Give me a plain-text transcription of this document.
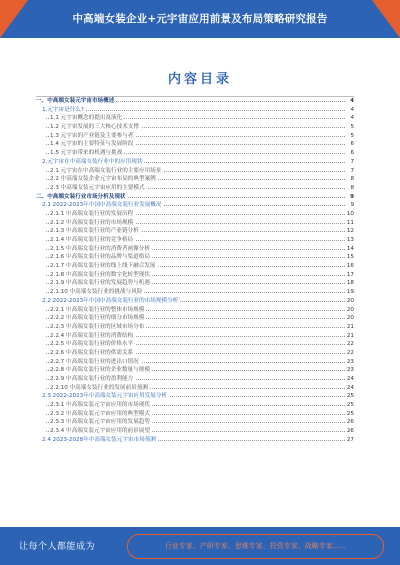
中高端女装企业+元宇宙应用前景及布局策略研究报告
内容目录
一、中高端女装元宇宙市场概述	4
1.元宇宙是什么?	4
1.1 元宇宙概念的提出及演化	4
1.2 元宇宙发展的三大核心技术支撑	5
1.3 元宇宙的产业链及主要参与者	5
1.4 元宇宙的主要特征与发展阶段	6
1.5 元宇宙带来的机遇与挑战	6
2.元宇宙在中高端女装行业中的应用现状	7
2.1 元宇宙在中高端女装行业的主要应用场景	7
2.2 中高端女装企业元宇宙布局的典型案例	8
2.3 中高端女装元宇宙应用的主要模式	8
二、中高端女装行业市场分析及现状	9
2.1 2022-2023年中国中高端女装行业发展概况	9
2.1.1 中高端女装行业的发展历程	10
2.1.2 中高端女装行业的市场规模	11
2.1.3 中高端女装行业的产业链分析	12
2.1.4 中高端女装行业的竞争格局	13
2.1.5 中高端女装行业的消费者画像分析	14
2.1.6 中高端女装行业的品牌与渠道格局	15
2.1.7 中高端女装行业的线上线下融合发展	16
2.1.8 中高端女装行业的数字化转型现状	17
2.1.9 中高端女装行业的发展趋势与机遇	18
2.1.10 中高端女装行业的挑战与风险	19
2.2 2022-2023年中国中高端女装行业的市场规模分析	20
2.2.1 中高端女装行业的整体市场规模	20
2.2.2 中高端女装行业的细分市场规模	20
2.2.3 中高端女装行业的区域市场分布	21
2.2.4 中高端女装行业的消费结构	21
2.2.5 中高端女装行业的价格水平	22
2.2.6 中高端女装行业的供需关系	22
2.2.7 中高端女装行业的进出口情况	23
2.2.8 中高端女装行业的企业数量与规模	23
2.2.9 中高端女装行业的盈利能力	24
2.2.10 中高端女装行业的发展前景预测	24
2.3 2022-2023年中高端女装元宇宙应用发展分析	25
2.3.1 中高端女装元宇宙应用的市场现状	25
2.3.2 中高端女装元宇宙应用的典型模式	25
2.3.3 中高端女装元宇宙应用的发展趋势	26
2.3.4 中高端女装元宇宙应用的前景展望	26
2.4 2023-2028年中高端女装元宇宙市场预测	27
让每个人都能成为	行业专家、产研专家、思维专家、投资专家、战略专家......
